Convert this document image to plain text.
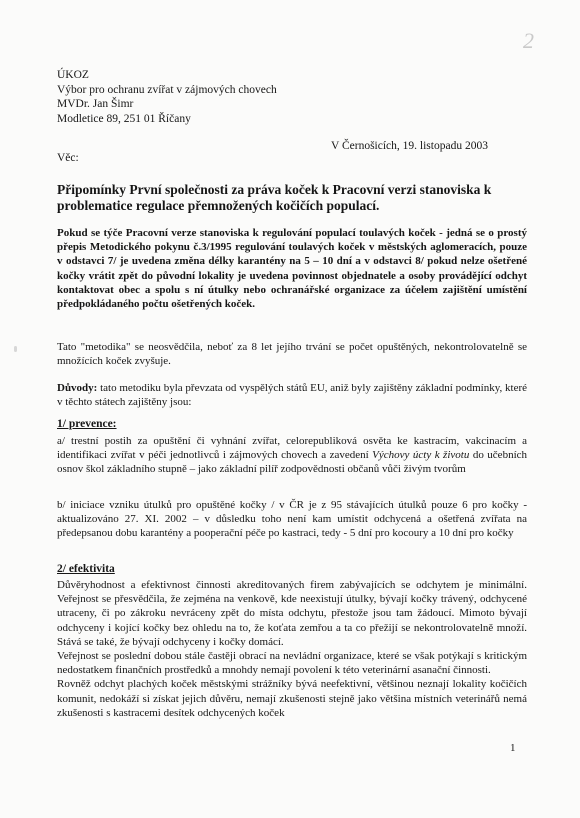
2
ÚKOZ
Výbor pro ochranu zvířat v zájmových chovech
MVDr. Jan Šimr
Modletice 89, 251 01 Říčany
V Černošicích, 19. listopadu 2003
Věc:
Připomínky První společnosti za práva koček k Pracovní verzi stanoviska k problematice regulace přemnožených kočičích populací.

Pokud se týče Pracovní verze stanoviska k regulování populací toulavých koček - jedná se o prostý přepis Metodického pokynu č.3/1995 regulování toulavých koček v městských aglomeracích, pouze v odstavci 7/ je uvedena změna délky karantény na 5 – 10 dní a v odstavci 8/ pokud nelze ošetřené kočky vrátit zpět do původní lokality je uvedena povinnost objednatele a osoby provádějící odchyt kontaktovat obec a spolu s ní útulky nebo ochranářské organizace za účelem zajištění umístění předpokládaného počtu ošetřených koček.

Tato "metodika" se neosvědčila, neboť za 8 let jejího trvání se počet opuštěných, nekontrolovatelně se množících koček zvyšuje.

Důvody: tato metodiku byla převzata od vyspělých států EU, aniž byly zajištěny základní podmínky, které v těchto státech zajištěny jsou:

1/ prevence:

a/ trestní postih za opuštění či vyhnání zvířat, celorepubliková osvěta ke kastracím, vakcinacím a identifikaci zvířat v péči jednotlivců i zájmových chovech a zavedení Výchovy úcty k životu do učebních osnov škol základního stupně – jako základní pilíř zodpovědnosti občanů vůči živým tvorům

b/ iniciace vzniku útulků pro opuštěné kočky / v ČR je z 95 stávajících útulků pouze 6 pro kočky - aktualizováno 27. XI. 2002 – v důsledku toho není kam umístit odchycená a ošetřená zvířata na předepsanou dobu karantény a pooperační péče po kastraci, tedy - 5 dní pro kocoury a 10 dní pro kočky

2/ efektivita

Důvěryhodnost a efektivnost činnosti akreditovaných firem zabývajících se odchytem je minimální. Veřejnost se přesvědčila, že zejména na venkově, kde neexistují útulky, bývají kočky trávený, odchycené utraceny, či po zákroku nevráceny zpět do místa odchytu, přestože jsou tam žádoucí. Mimoto bývají odchyceny i kojící kočky bez ohledu na to, že koťata zemřou a ta co přežijí se nekontrolovatelně množí. Stává se také, že bývají odchyceny i kočky domácí.

Veřejnost se poslední dobou stále častěji obrací na nevládní organizace, které se však potýkají s kritickým nedostatkem finančních prostředků a mnohdy nemají povolení k této veterinární asanační činnosti.

Rovněž odchyt plachých koček městskými strážníky bývá neefektivní, většinou neznají lokality kočičích komunit, nedokáží si získat jejich důvěru, nemají zkušenosti stejně jako většina místních veterinářů nemá zkušenosti s kastracemi desítek odchycených koček

1
